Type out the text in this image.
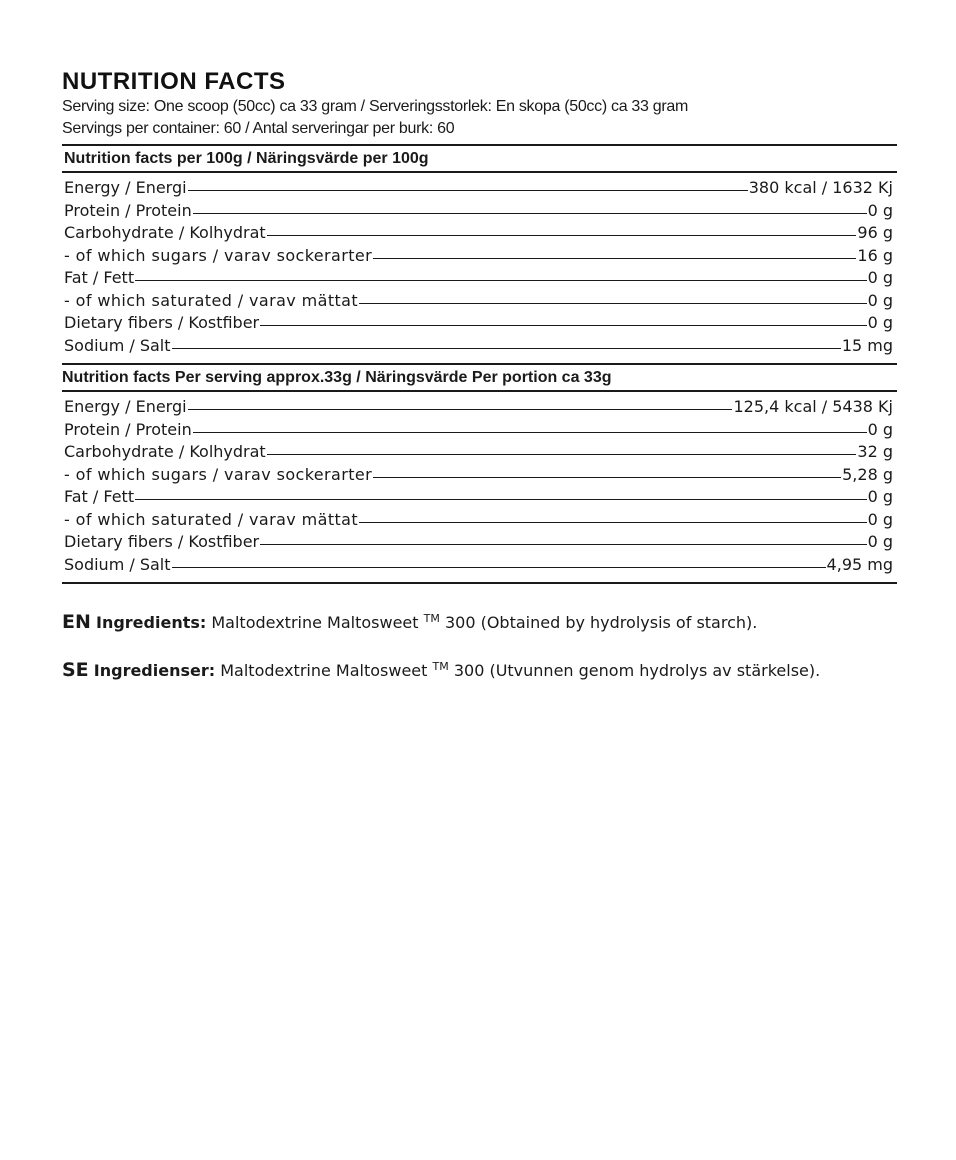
NUTRITION FACTS
Serving size: One scoop (50cc) ca 33 gram / Serveringsstorlek: En skopa (50cc) ca 33 gram
Servings per container: 60 / Antal serveringar per burk: 60
Nutrition facts per 100g / Näringsvärde per 100g
Energy / Energi	380 kcal / 1632 Kj
Protein / Protein	0 g
Carbohydrate / Kolhydrat	96 g
- of which sugars / varav sockerarter	16 g
Fat / Fett	0 g
- of which saturated / varav mättat	0 g
Dietary fibers / Kostfiber	0 g
Sodium / Salt	15 mg
Nutrition facts Per serving approx.33g / Näringsvärde Per portion ca 33g
Energy / Energi	125,4 kcal / 5438 Kj
Protein / Protein	0 g
Carbohydrate / Kolhydrat	32 g
- of which sugars / varav sockerarter	5,28 g
Fat / Fett	0 g
- of which saturated / varav mättat	0 g
Dietary fibers / Kostfiber	0 g
Sodium / Salt	4,95 mg
EN Ingredients: Maltodextrine Maltosweet ™ 300 (Obtained by hydrolysis of starch).
SE Ingredienser: Maltodextrine Maltosweet ™ 300 (Utvunnen genom hydrolys av stärkelse).
